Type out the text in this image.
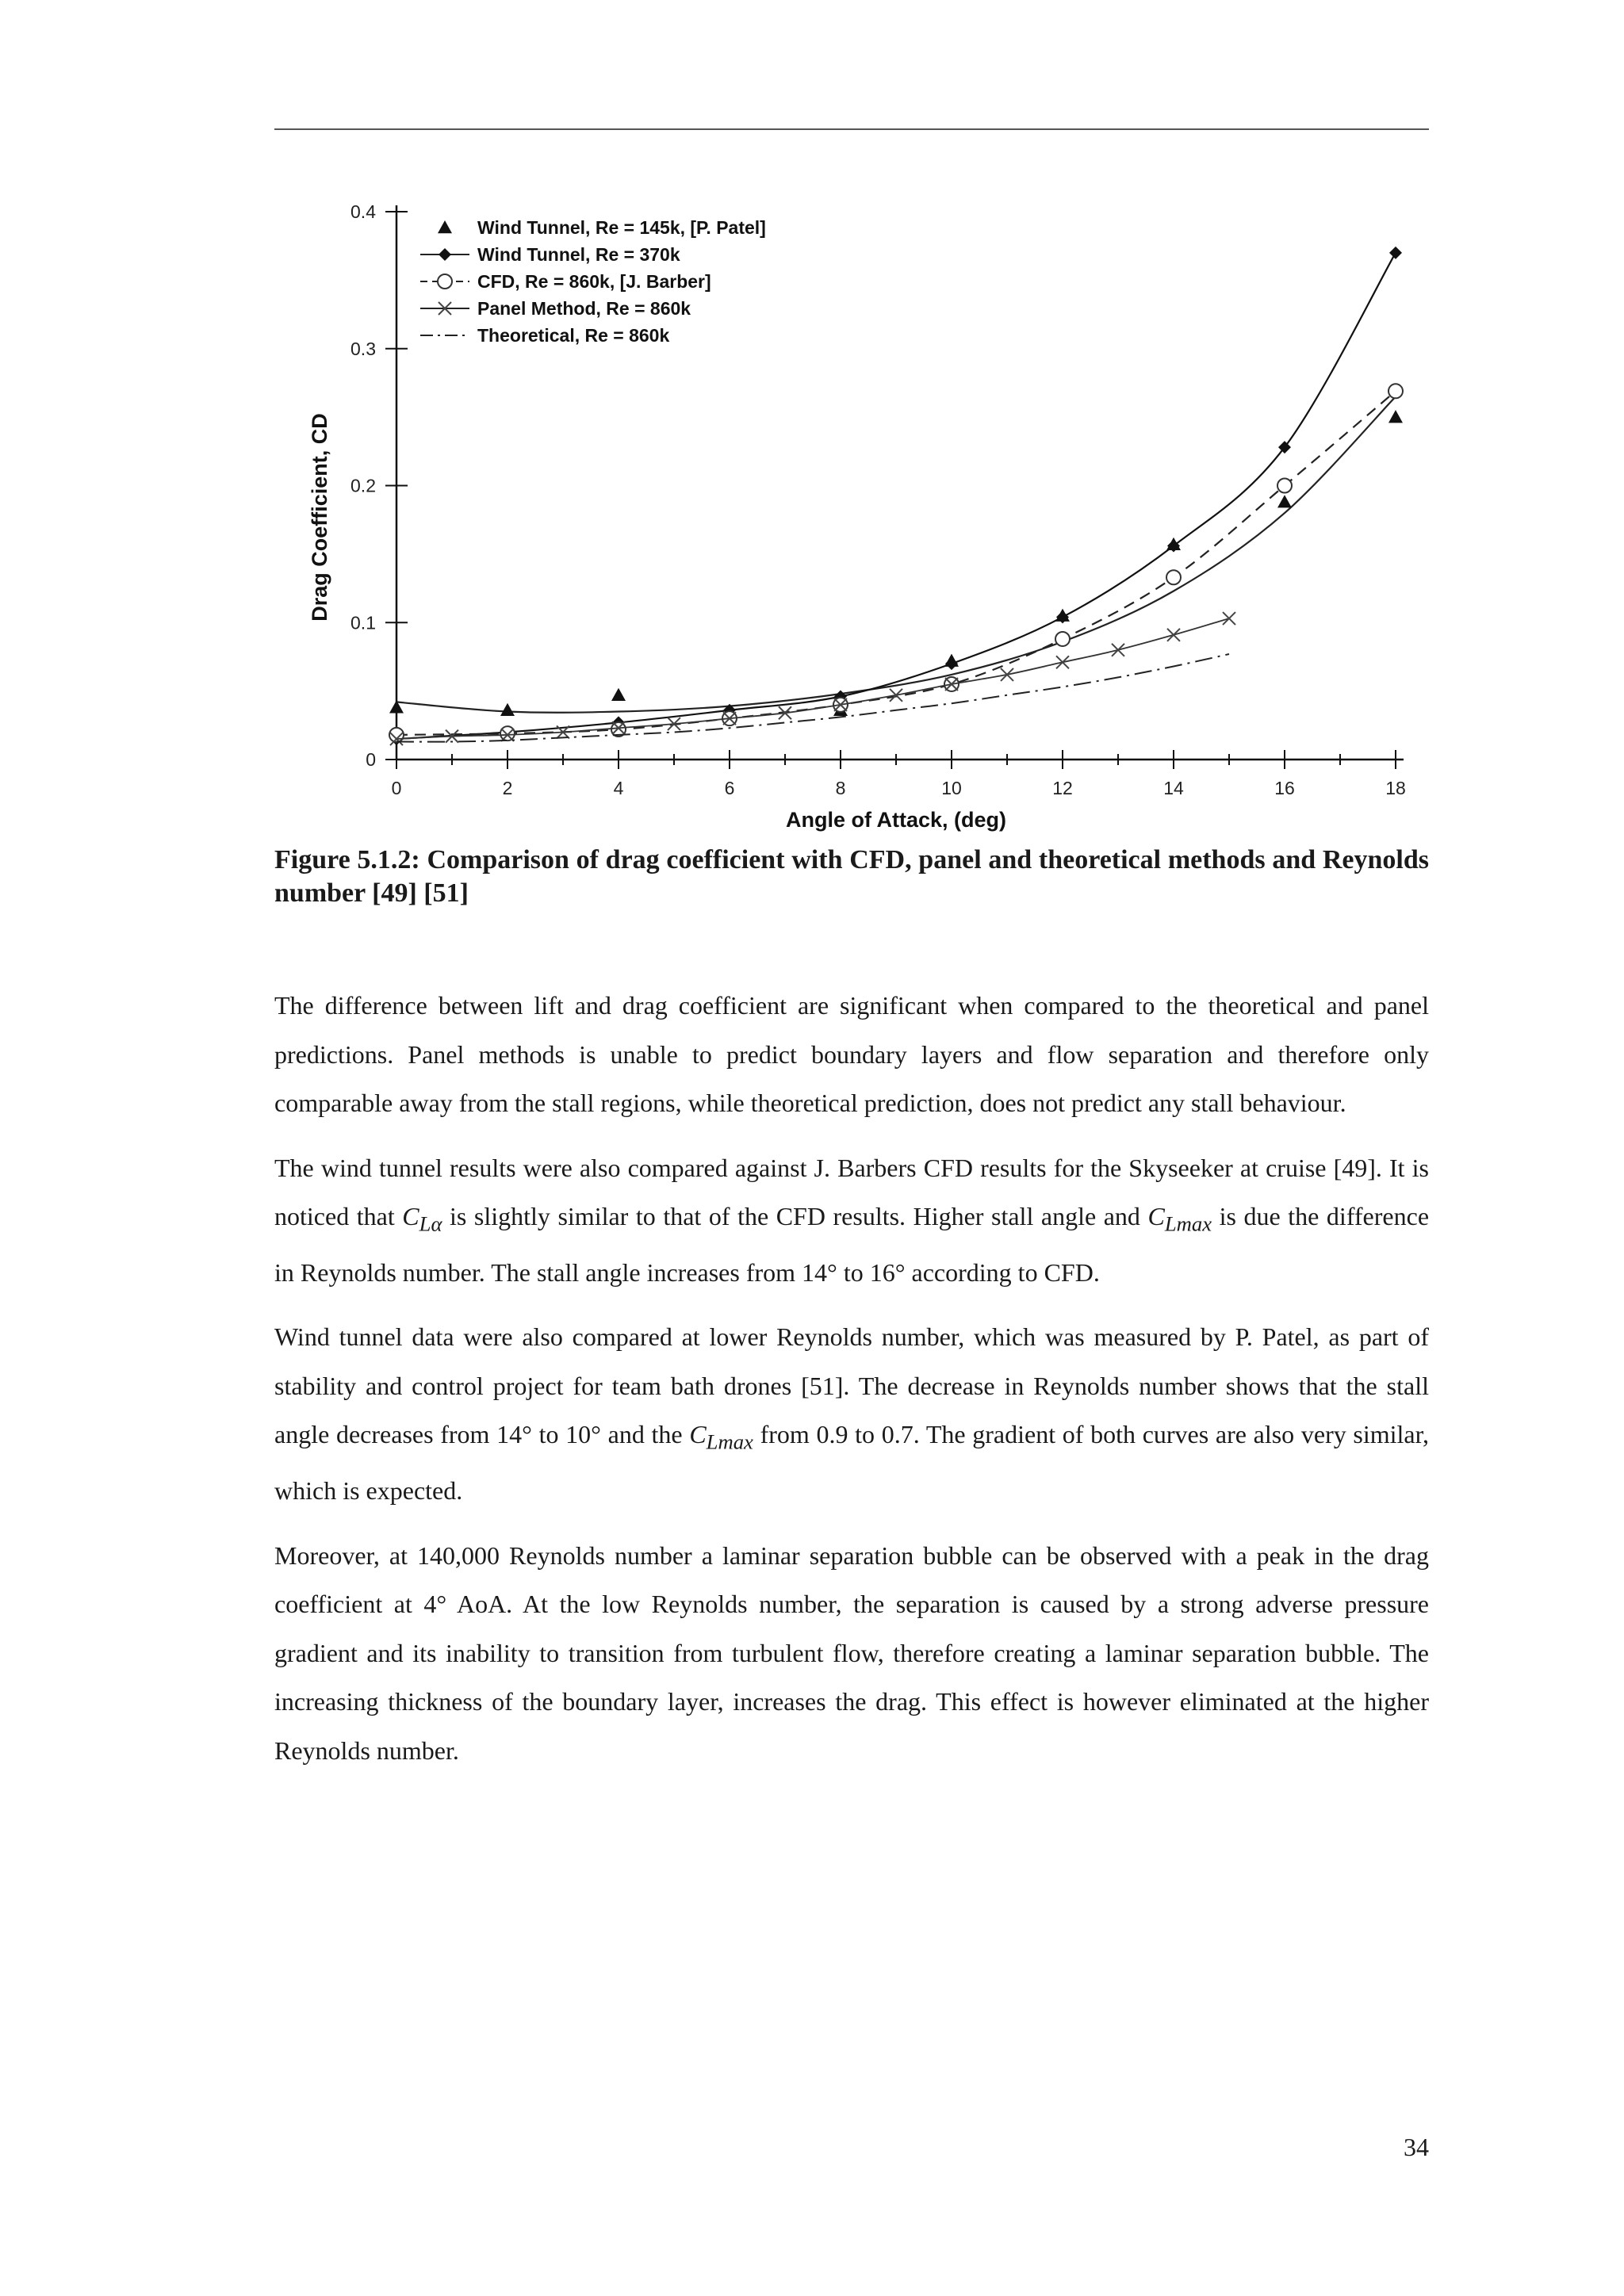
0
0.1
0.2
0.3
0.4
0	2	4	6	8	10	12	14	16	18
Angle of Attack, (deg)
Drag Coefficient, CD
Wind Tunnel, Re = 145k, [P. Patel]
Wind Tunnel, Re = 370k
CFD, Re = 860k, [J. Barber]
Panel Method, Re = 860k
Theoretical, Re = 860k
Figure 5.1.2: Comparison of drag coefficient with CFD, panel and theoretical methods and Reynolds number [49] [51]

The difference between lift and drag coefficient are significant when compared to the theoretical and panel predictions. Panel methods is unable to predict boundary layers and flow separation and therefore only comparable away from the stall regions, while theoretical prediction, does not predict any stall behaviour.

The wind tunnel results were also compared against J. Barbers CFD results for the Skyseeker at cruise [49]. It is noticed that $C_{L\alpha}$ is slightly similar to that of the CFD results. Higher stall angle and $C_{Lmax}$ is due the difference in Reynolds number. The stall angle increases from 14° to 16° according to CFD.

Wind tunnel data were also compared at lower Reynolds number, which was measured by P. Patel, as part of stability and control project for team bath drones [51]. The decrease in Reynolds number shows that the stall angle decreases from 14° to 10° and the $C_{Lmax}$ from 0.9 to 0.7. The gradient of both curves are also very similar, which is expected.

Moreover, at 140,000 Reynolds number a laminar separation bubble can be observed with a peak in the drag coefficient at 4° AoA. At the low Reynolds number, the separation is caused by a strong adverse pressure gradient and its inability to transition from turbulent flow, therefore creating a laminar separation bubble. The increasing thickness of the boundary layer, increases the drag. This effect is however eliminated at the higher Reynolds number.

34
